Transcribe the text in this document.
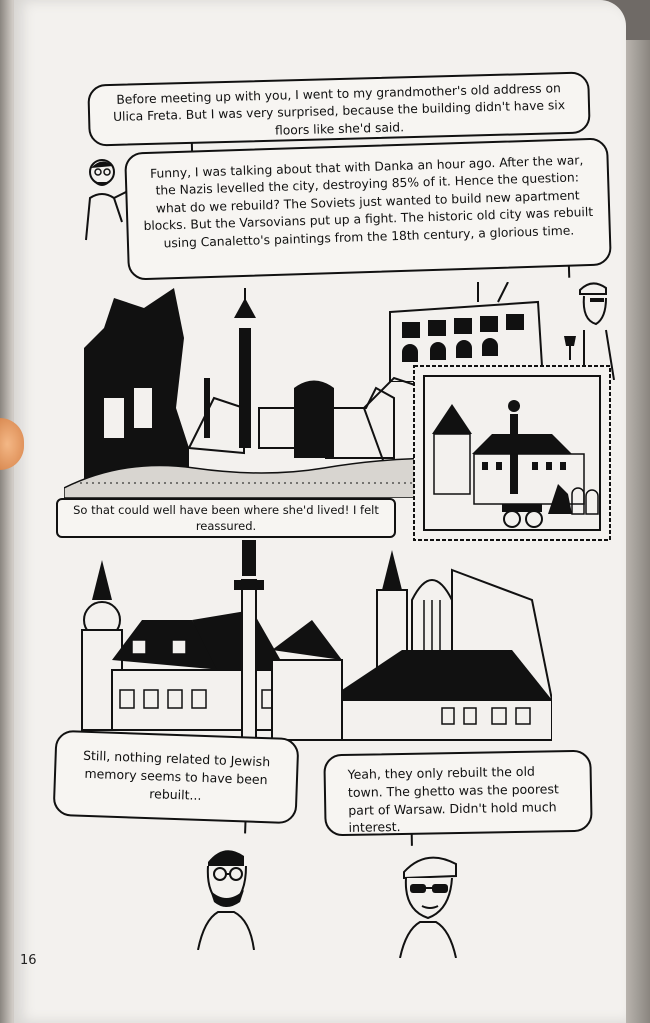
Before meeting up with you, I went to my grandmother's old address on Ulica Freta. But I was very surprised, because the building didn't have six floors like she'd said.
Funny, I was talking about that with Danka an hour ago. After the war, the Nazis levelled the city, destroying 85% of it. Hence the question: what do we rebuild? The Soviets just wanted to build new apartment blocks. But the Varsovians put up a fight. The historic old city was rebuilt using Canaletto's paintings from the 18th century, a glorious time.
So that could well have been where she'd lived! I felt reassured.
Still, nothing related to Jewish memory seems to have been rebuilt...
Yeah, they only rebuilt the old town. The ghetto was the poorest part of Warsaw. Didn't hold much interest.
16
